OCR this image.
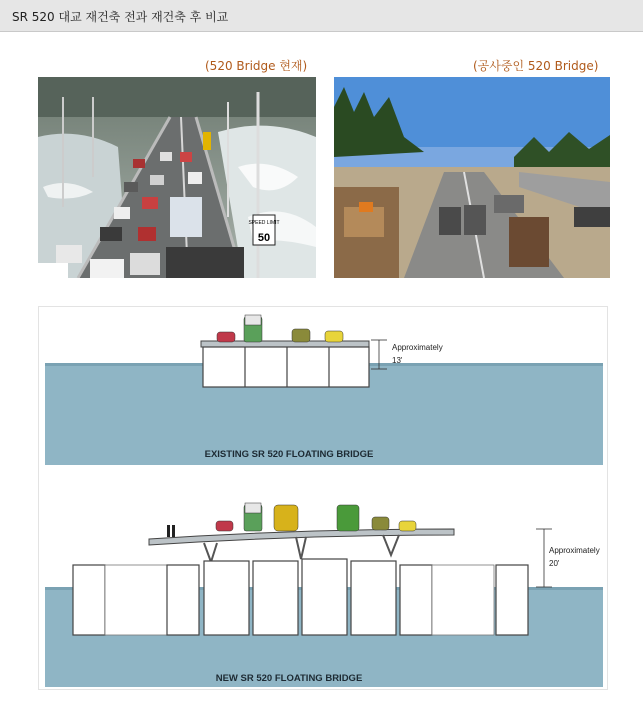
SR 520 대교 재건축 전과 재건축 후 비교
(520 Bridge 현재)	(공사중인 520 Bridge)
SPEED LIMIT
50
Approximately
13'
EXISTING SR 520 FLOATING BRIDGE
Approximately
20'
NEW SR 520 FLOATING BRIDGE
